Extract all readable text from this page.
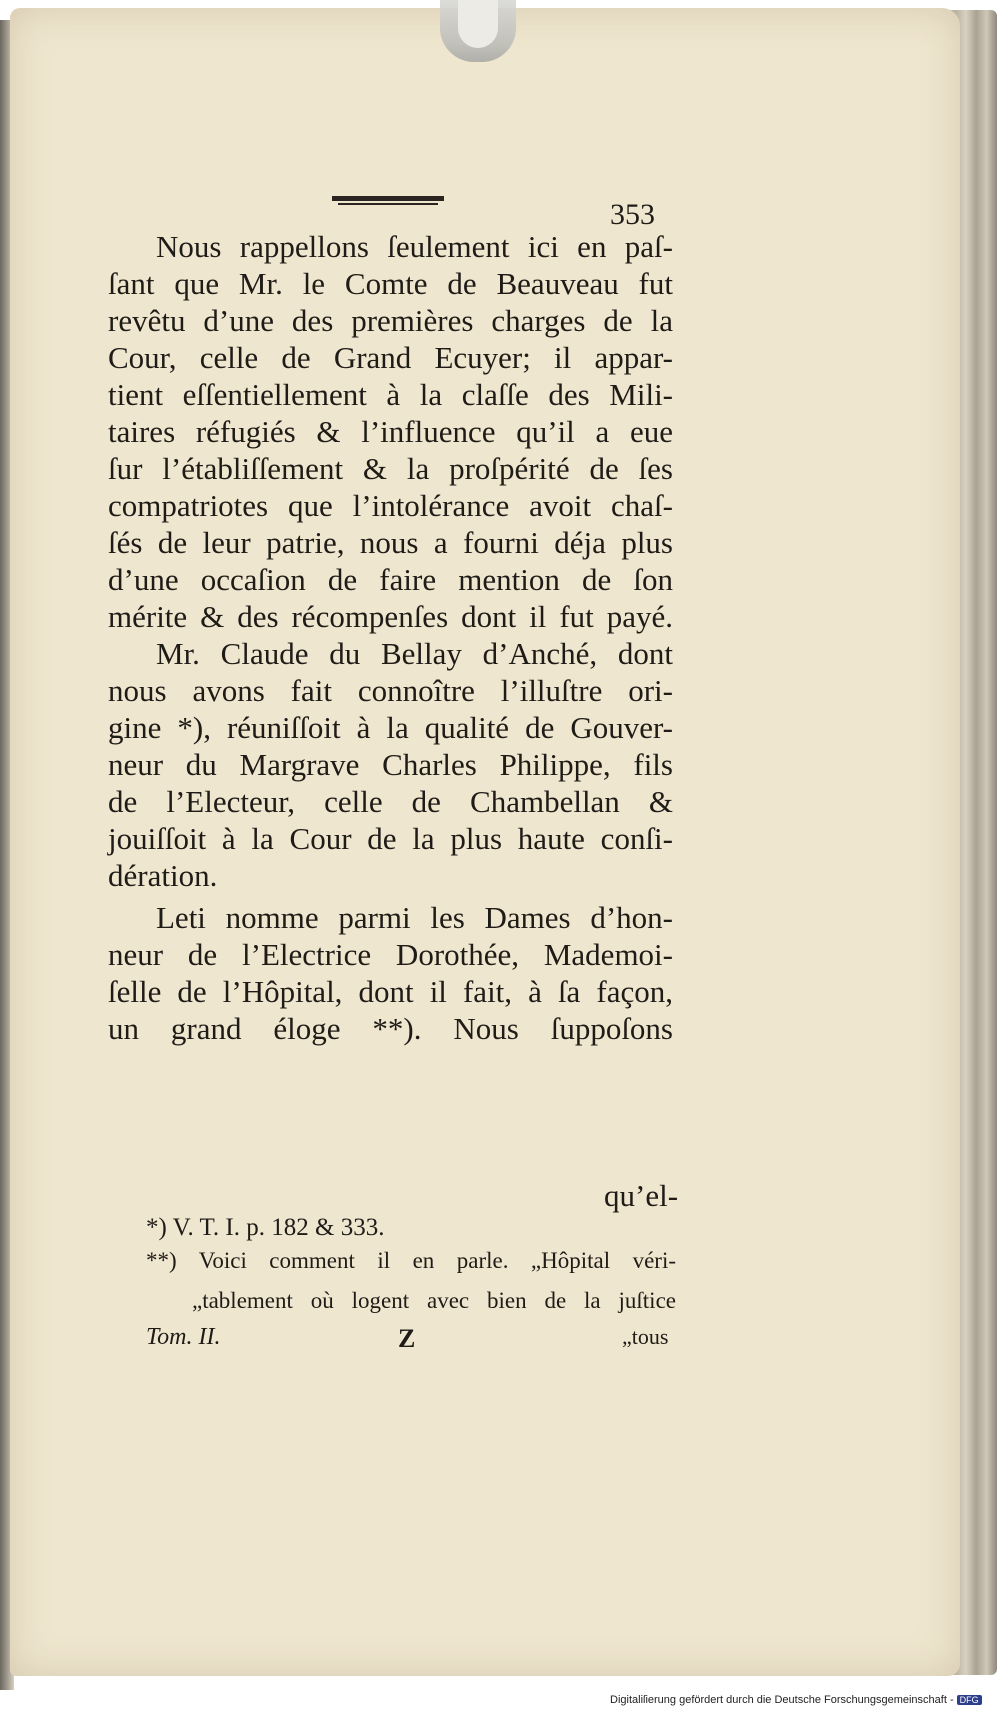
353
Nous rappellons ſeulement ici en paſ-
ſant que Mr. le Comte de Beauveau fut
revêtu d’une des premières charges de la
Cour, celle de Grand Ecuyer; il appar-
tient eſſentiellement à la claſſe des Mili-
taires réfugiés & l’influence qu’il a eue
ſur l’établiſſement & la proſpérité de ſes
compatriotes que l’intolérance avoit chaſ-
ſés de leur patrie, nous a fourni déja plus
d’une occaſion de faire mention de ſon
mérite & des récompenſes dont il fut payé.
Mr. Claude du Bellay d’Anché, dont
nous avons fait connoître l’illuſtre ori-
gine *), réuniſſoit à la qualité de Gouver-
neur du Margrave Charles Philippe, fils
de l’Electeur, celle de Chambellan &
jouiſſoit à la Cour de la plus haute conſi-
dération.
Leti nomme parmi les Dames d’hon-
neur de l’Electrice Dorothée, Mademoi-
ſelle de l’Hôpital, dont il fait, à ſa façon,
un grand éloge **). Nous ſuppoſons
qu’el-
*) V. T. I. p. 182 & 333.
**) Voici comment il en parle. „Hôpital véri-
„tablement où logent avec bien de la juſtice
Tom. II.	Z	„tous
Digitaliſierung gefördert durch die Deutsche Forschungsgemeinschaft - DFG
